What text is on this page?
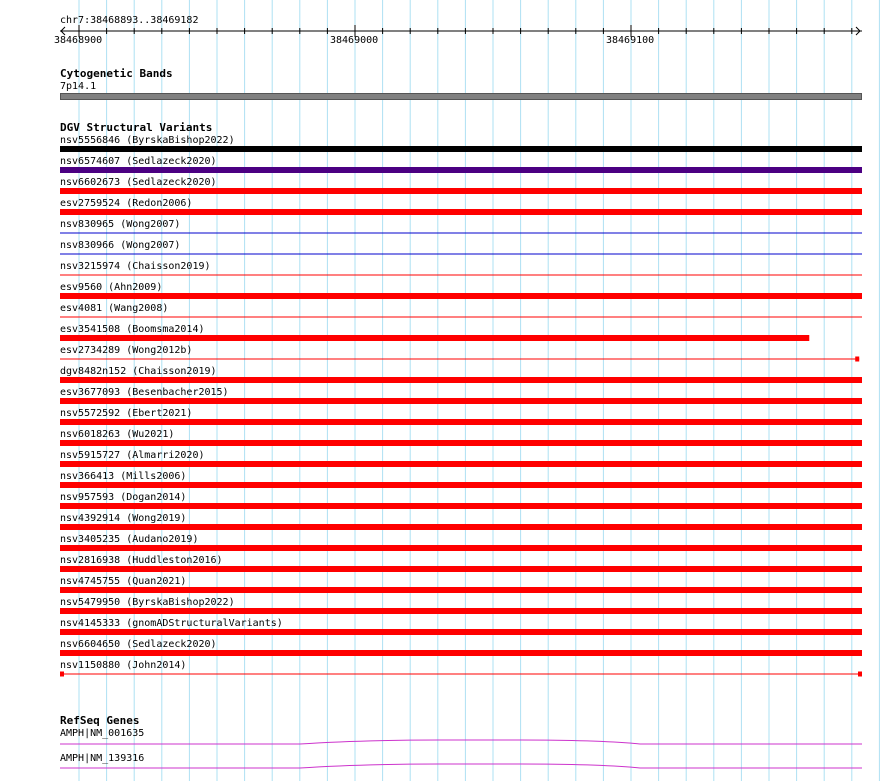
chr7:38468893..38469182
38468900	38469000	38469100
Cytogenetic Bands
7p14.1
DGV Structural Variants
nsv5556846 (ByrskaBishop2022)
nsv6574607 (Sedlazeck2020)
nsv6602673 (Sedlazeck2020)
esv2759524 (Redon2006)
nsv830965 (Wong2007)
nsv830966 (Wong2007)
nsv3215974 (Chaisson2019)
esv9560 (Ahn2009)
esv4081 (Wang2008)
esv3541508 (Boomsma2014)
esv2734289 (Wong2012b)
dgv8482n152 (Chaisson2019)
esv3677093 (Besenbacher2015)
nsv5572592 (Ebert2021)
nsv6018263 (Wu2021)
nsv5915727 (Almarri2020)
nsv366413 (Mills2006)
nsv957593 (Dogan2014)
nsv4392914 (Wong2019)
nsv3405235 (Audano2019)
nsv2816938 (Huddleston2016)
nsv4745755 (Quan2021)
nsv5479950 (ByrskaBishop2022)
nsv4145333 (gnomADStructuralVariants)
nsv6604650 (Sedlazeck2020)
nsv1150880 (John2014)
RefSeq Genes
AMPH|NM_001635
AMPH|NM_139316
